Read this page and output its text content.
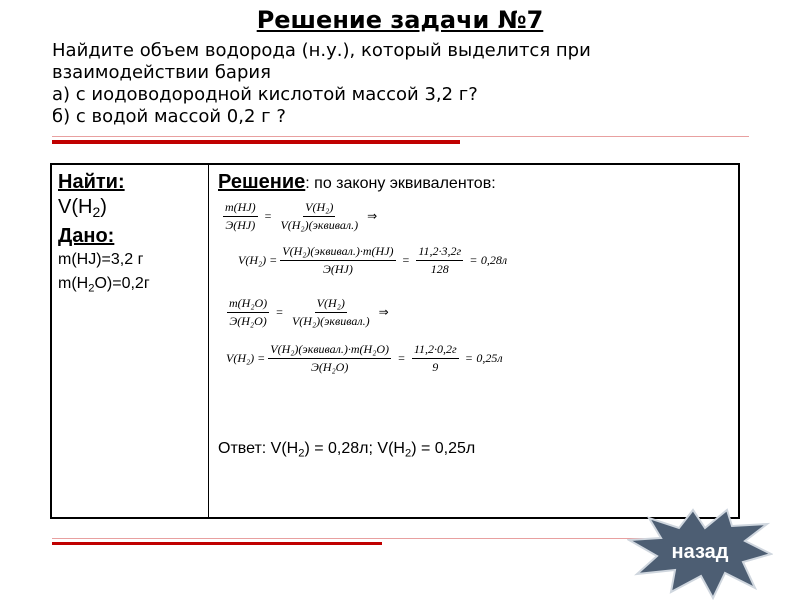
Решение задачи №7
Найдите объем водорода (н.у.), который выделится при
взаимодействии бария
а) с иодоводородной кислотой массой 3,2 г?
б) с водой массой 0,2 г ?
Найти:
$V(H_2)$
Дано:
m(HJ)=3,2 г
$m(H_2O)=0,2г$
Решение: по закону эквивалентов:
m(HJ)
Э(HJ)
=
V(H₂)
V(H₂)(эквивал.)
⇒
V(H₂) =
V(H₂)(эквивал.)·m(HJ)
Э(HJ)
=
11,2·3,2г
128
= 0,28л
m(H₂O)
Э(H₂O)
=
V(H₂)
V(H₂)(эквивал.)
⇒
V(H₂) =
V(H₂)(эквивал.)·m(H₂O)
Э(H₂O)
=
11,2·0,2г
9
= 0,25л
Ответ: $V(H_2) = 0,28л$; $V(H_2) = 0,25л$
назад
